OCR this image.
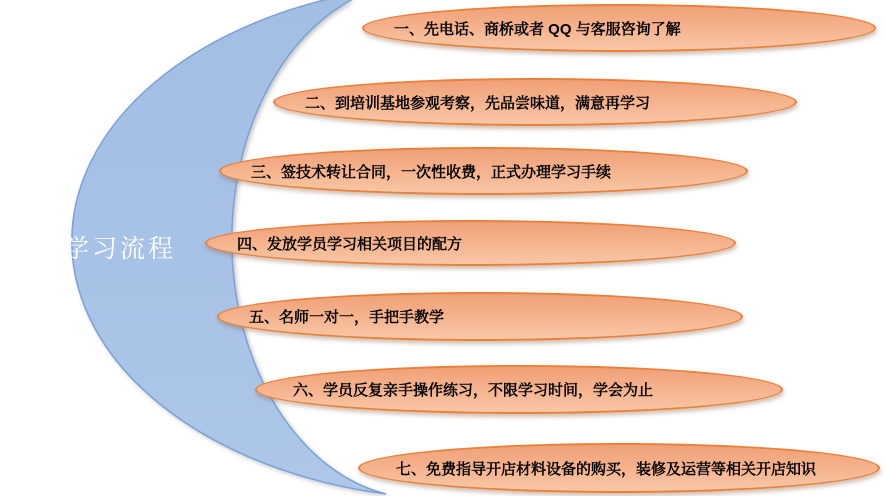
学习流程
一、先电话、商桥或者 QQ 与客服咨询了解
二、到培训基地参观考察，先品尝味道，满意再学习
三、签技术转让合同，一次性收费，正式办理学习手续
四、发放学员学习相关项目的配方
五、名师一对一，手把手教学
六、学员反复亲手操作练习，不限学习时间，学会为止
七、免费指导开店材料设备的购买，装修及运营等相关开店知识
